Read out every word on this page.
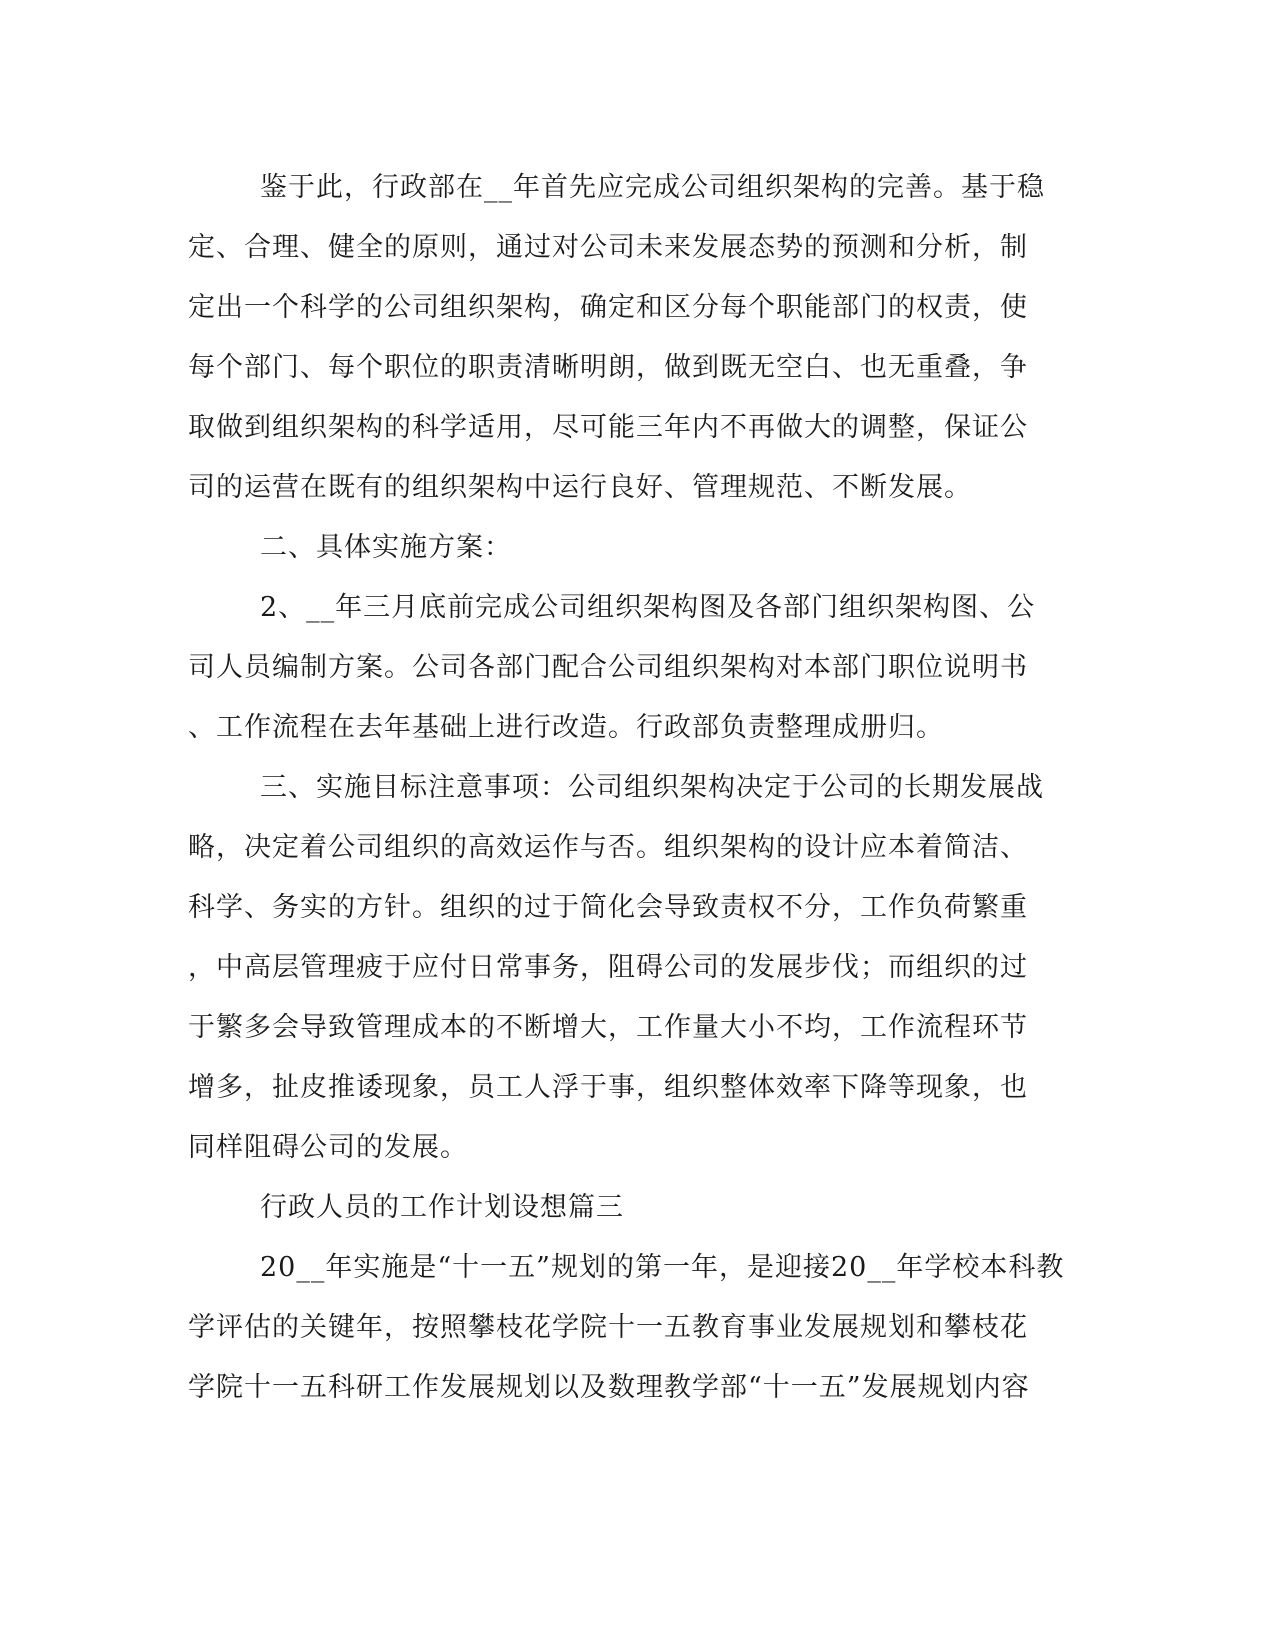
鉴于此，行政部在__年首先应完成公司组织架构的完善。基于稳
定、合理、健全的原则，通过对公司未来发展态势的预测和分析，制
定出一个科学的公司组织架构，确定和区分每个职能部门的权责，使
每个部门、每个职位的职责清晰明朗，做到既无空白、也无重叠，争
取做到组织架构的科学适用，尽可能三年内不再做大的调整，保证公
司的运营在既有的组织架构中运行良好、管理规范、不断发展。
二、具体实施方案：
2、__年三月底前完成公司组织架构图及各部门组织架构图、公
司人员编制方案。公司各部门配合公司组织架构对本部门职位说明书
、工作流程在去年基础上进行改造。行政部负责整理成册归。
三、实施目标注意事项：公司组织架构决定于公司的长期发展战
略，决定着公司组织的高效运作与否。组织架构的设计应本着简洁、
科学、务实的方针。组织的过于简化会导致责权不分，工作负荷繁重
，中高层管理疲于应付日常事务，阻碍公司的发展步伐；而组织的过
于繁多会导致管理成本的不断增大，工作量大小不均，工作流程环节
增多，扯皮推诿现象，员工人浮于事，组织整体效率下降等现象，也
同样阻碍公司的发展。
行政人员的工作计划设想篇三
20__年实施是“十一五”规划的第一年，是迎接20__年学校本科教
学评估的关键年，按照攀枝花学院十一五教育事业发展规划和攀枝花
学院十一五科研工作发展规划以及数理教学部“十一五”发展规划内容
